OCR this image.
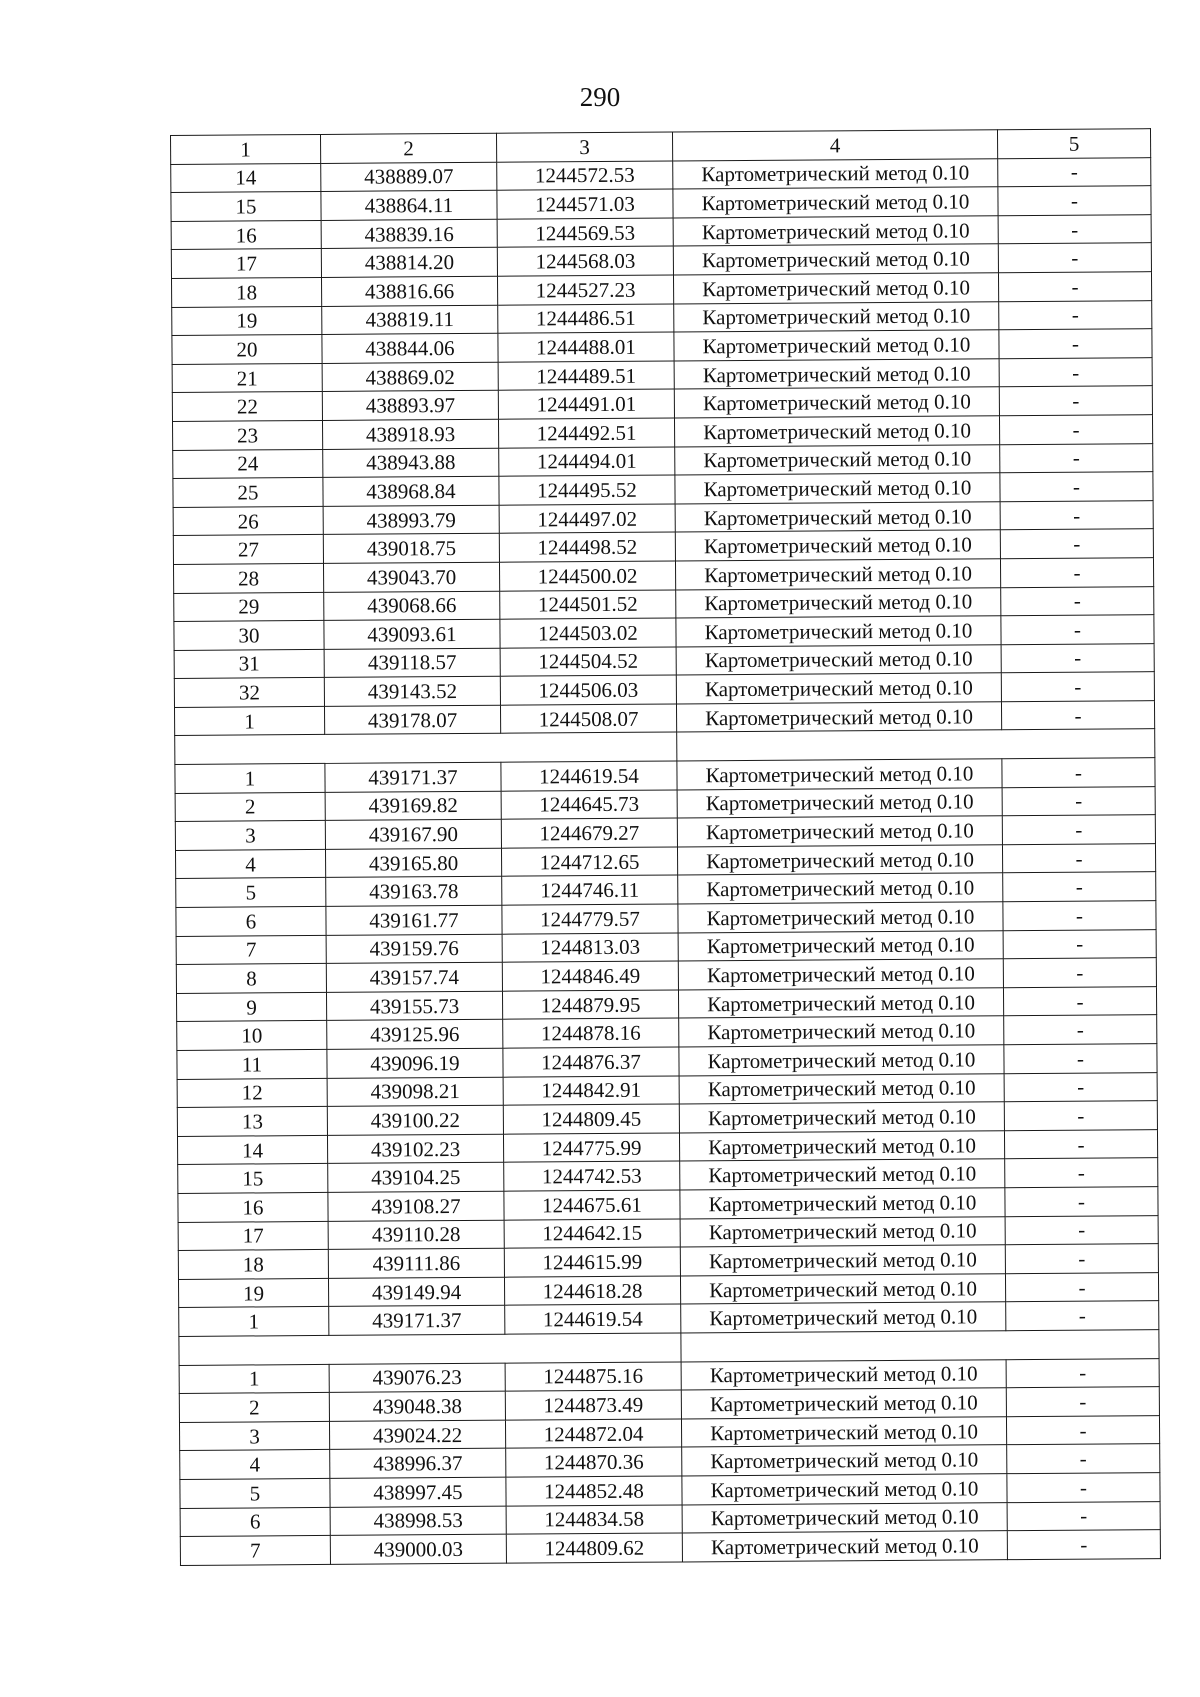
290
1	2	3	4	5
14	438889.07	1244572.53	Картометрический метод 0.10	-
15	438864.11	1244571.03	Картометрический метод 0.10	-
16	438839.16	1244569.53	Картометрический метод 0.10	-
17	438814.20	1244568.03	Картометрический метод 0.10	-
18	438816.66	1244527.23	Картометрический метод 0.10	-
19	438819.11	1244486.51	Картометрический метод 0.10	-
20	438844.06	1244488.01	Картометрический метод 0.10	-
21	438869.02	1244489.51	Картометрический метод 0.10	-
22	438893.97	1244491.01	Картометрический метод 0.10	-
23	438918.93	1244492.51	Картометрический метод 0.10	-
24	438943.88	1244494.01	Картометрический метод 0.10	-
25	438968.84	1244495.52	Картометрический метод 0.10	-
26	438993.79	1244497.02	Картометрический метод 0.10	-
27	439018.75	1244498.52	Картометрический метод 0.10	-
28	439043.70	1244500.02	Картометрический метод 0.10	-
29	439068.66	1244501.52	Картометрический метод 0.10	-
30	439093.61	1244503.02	Картометрический метод 0.10	-
31	439118.57	1244504.52	Картометрический метод 0.10	-
32	439143.52	1244506.03	Картометрический метод 0.10	-
1	439178.07	1244508.07	Картометрический метод 0.10	-

1	439171.37	1244619.54	Картометрический метод 0.10	-
2	439169.82	1244645.73	Картометрический метод 0.10	-
3	439167.90	1244679.27	Картометрический метод 0.10	-
4	439165.80	1244712.65	Картометрический метод 0.10	-
5	439163.78	1244746.11	Картометрический метод 0.10	-
6	439161.77	1244779.57	Картометрический метод 0.10	-
7	439159.76	1244813.03	Картометрический метод 0.10	-
8	439157.74	1244846.49	Картометрический метод 0.10	-
9	439155.73	1244879.95	Картометрический метод 0.10	-
10	439125.96	1244878.16	Картометрический метод 0.10	-
11	439096.19	1244876.37	Картометрический метод 0.10	-
12	439098.21	1244842.91	Картометрический метод 0.10	-
13	439100.22	1244809.45	Картометрический метод 0.10	-
14	439102.23	1244775.99	Картометрический метод 0.10	-
15	439104.25	1244742.53	Картометрический метод 0.10	-
16	439108.27	1244675.61	Картометрический метод 0.10	-
17	439110.28	1244642.15	Картометрический метод 0.10	-
18	439111.86	1244615.99	Картометрический метод 0.10	-
19	439149.94	1244618.28	Картометрический метод 0.10	-
1	439171.37	1244619.54	Картометрический метод 0.10	-

1	439076.23	1244875.16	Картометрический метод 0.10	-
2	439048.38	1244873.49	Картометрический метод 0.10	-
3	439024.22	1244872.04	Картометрический метод 0.10	-
4	438996.37	1244870.36	Картометрический метод 0.10	-
5	438997.45	1244852.48	Картометрический метод 0.10	-
6	438998.53	1244834.58	Картометрический метод 0.10	-
7	439000.03	1244809.62	Картометрический метод 0.10	-
